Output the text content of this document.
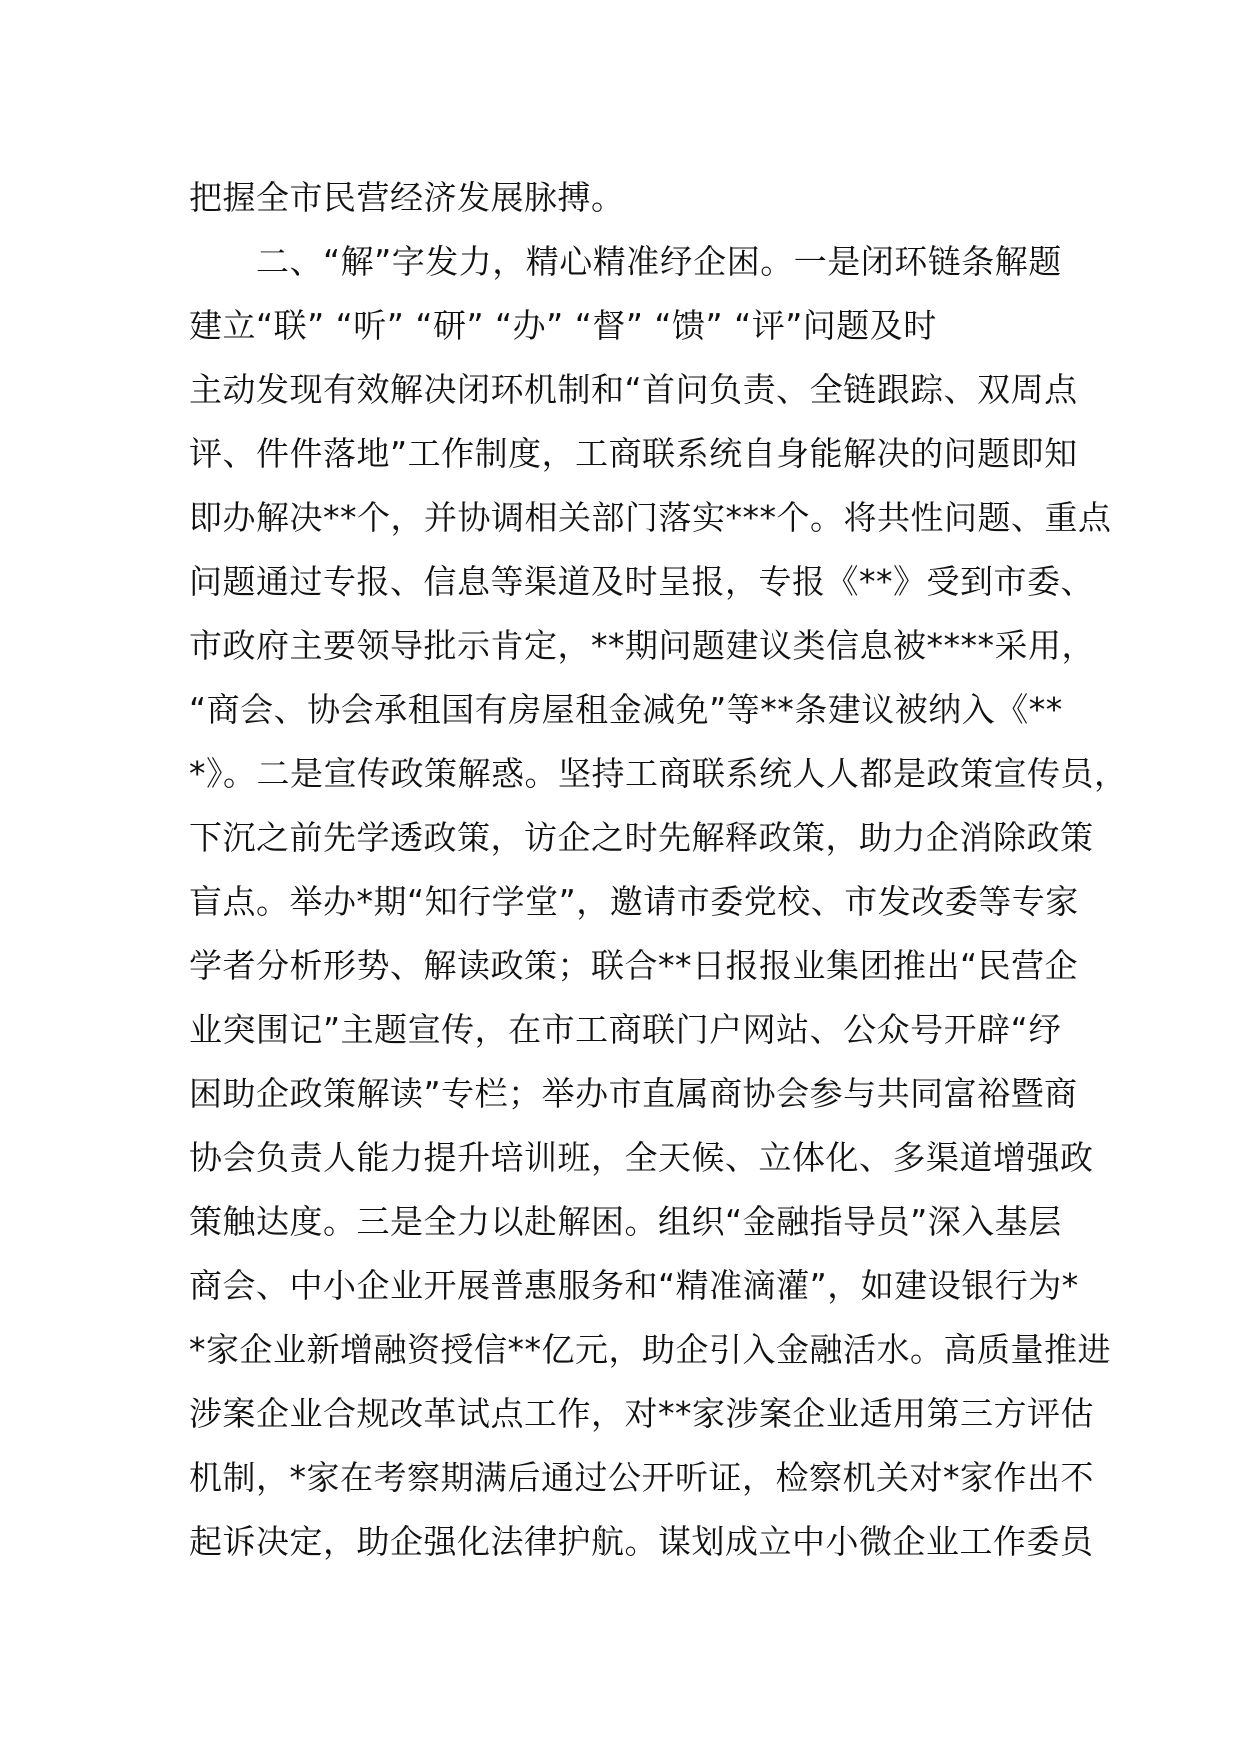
把握全市民营经济发展脉搏。
　　二、“解”字发力，精心精准纾企困。一是闭环链条解题
建立“联” “听” “研” “办” “督” “馈” “评”问题及时
主动发现有效解决闭环机制和“首问负责、全链跟踪、双周点
评、件件落地”工作制度，工商联系统自身能解决的问题即知
即办解决**个，并协调相关部门落实***个。将共性问题、重点
问题通过专报、信息等渠道及时呈报，专报《**》受到市委、
市政府主要领导批示肯定，**期问题建议类信息被****采用，
“商会、协会承租国有房屋租金减免”等**条建议被纳入《**
*》。二是宣传政策解惑。坚持工商联系统人人都是政策宣传员，
下沉之前先学透政策，访企之时先解释政策，助力企消除政策
盲点。举办*期“知行学堂”，邀请市委党校、市发改委等专家
学者分析形势、解读政策；联合**日报报业集团推出“民营企
业突围记”主题宣传，在市工商联门户网站、公众号开辟“纾
困助企政策解读”专栏；举办市直属商协会参与共同富裕暨商
协会负责人能力提升培训班，全天候、立体化、多渠道增强政
策触达度。三是全力以赴解困。组织“金融指导员”深入基层
商会、中小企业开展普惠服务和“精准滴灌”，如建设银行为*
*家企业新增融资授信**亿元，助企引入金融活水。高质量推进
涉案企业合规改革试点工作，对**家涉案企业适用第三方评估
机制，*家在考察期满后通过公开听证，检察机关对*家作出不
起诉决定，助企强化法律护航。谋划成立中小微企业工作委员
